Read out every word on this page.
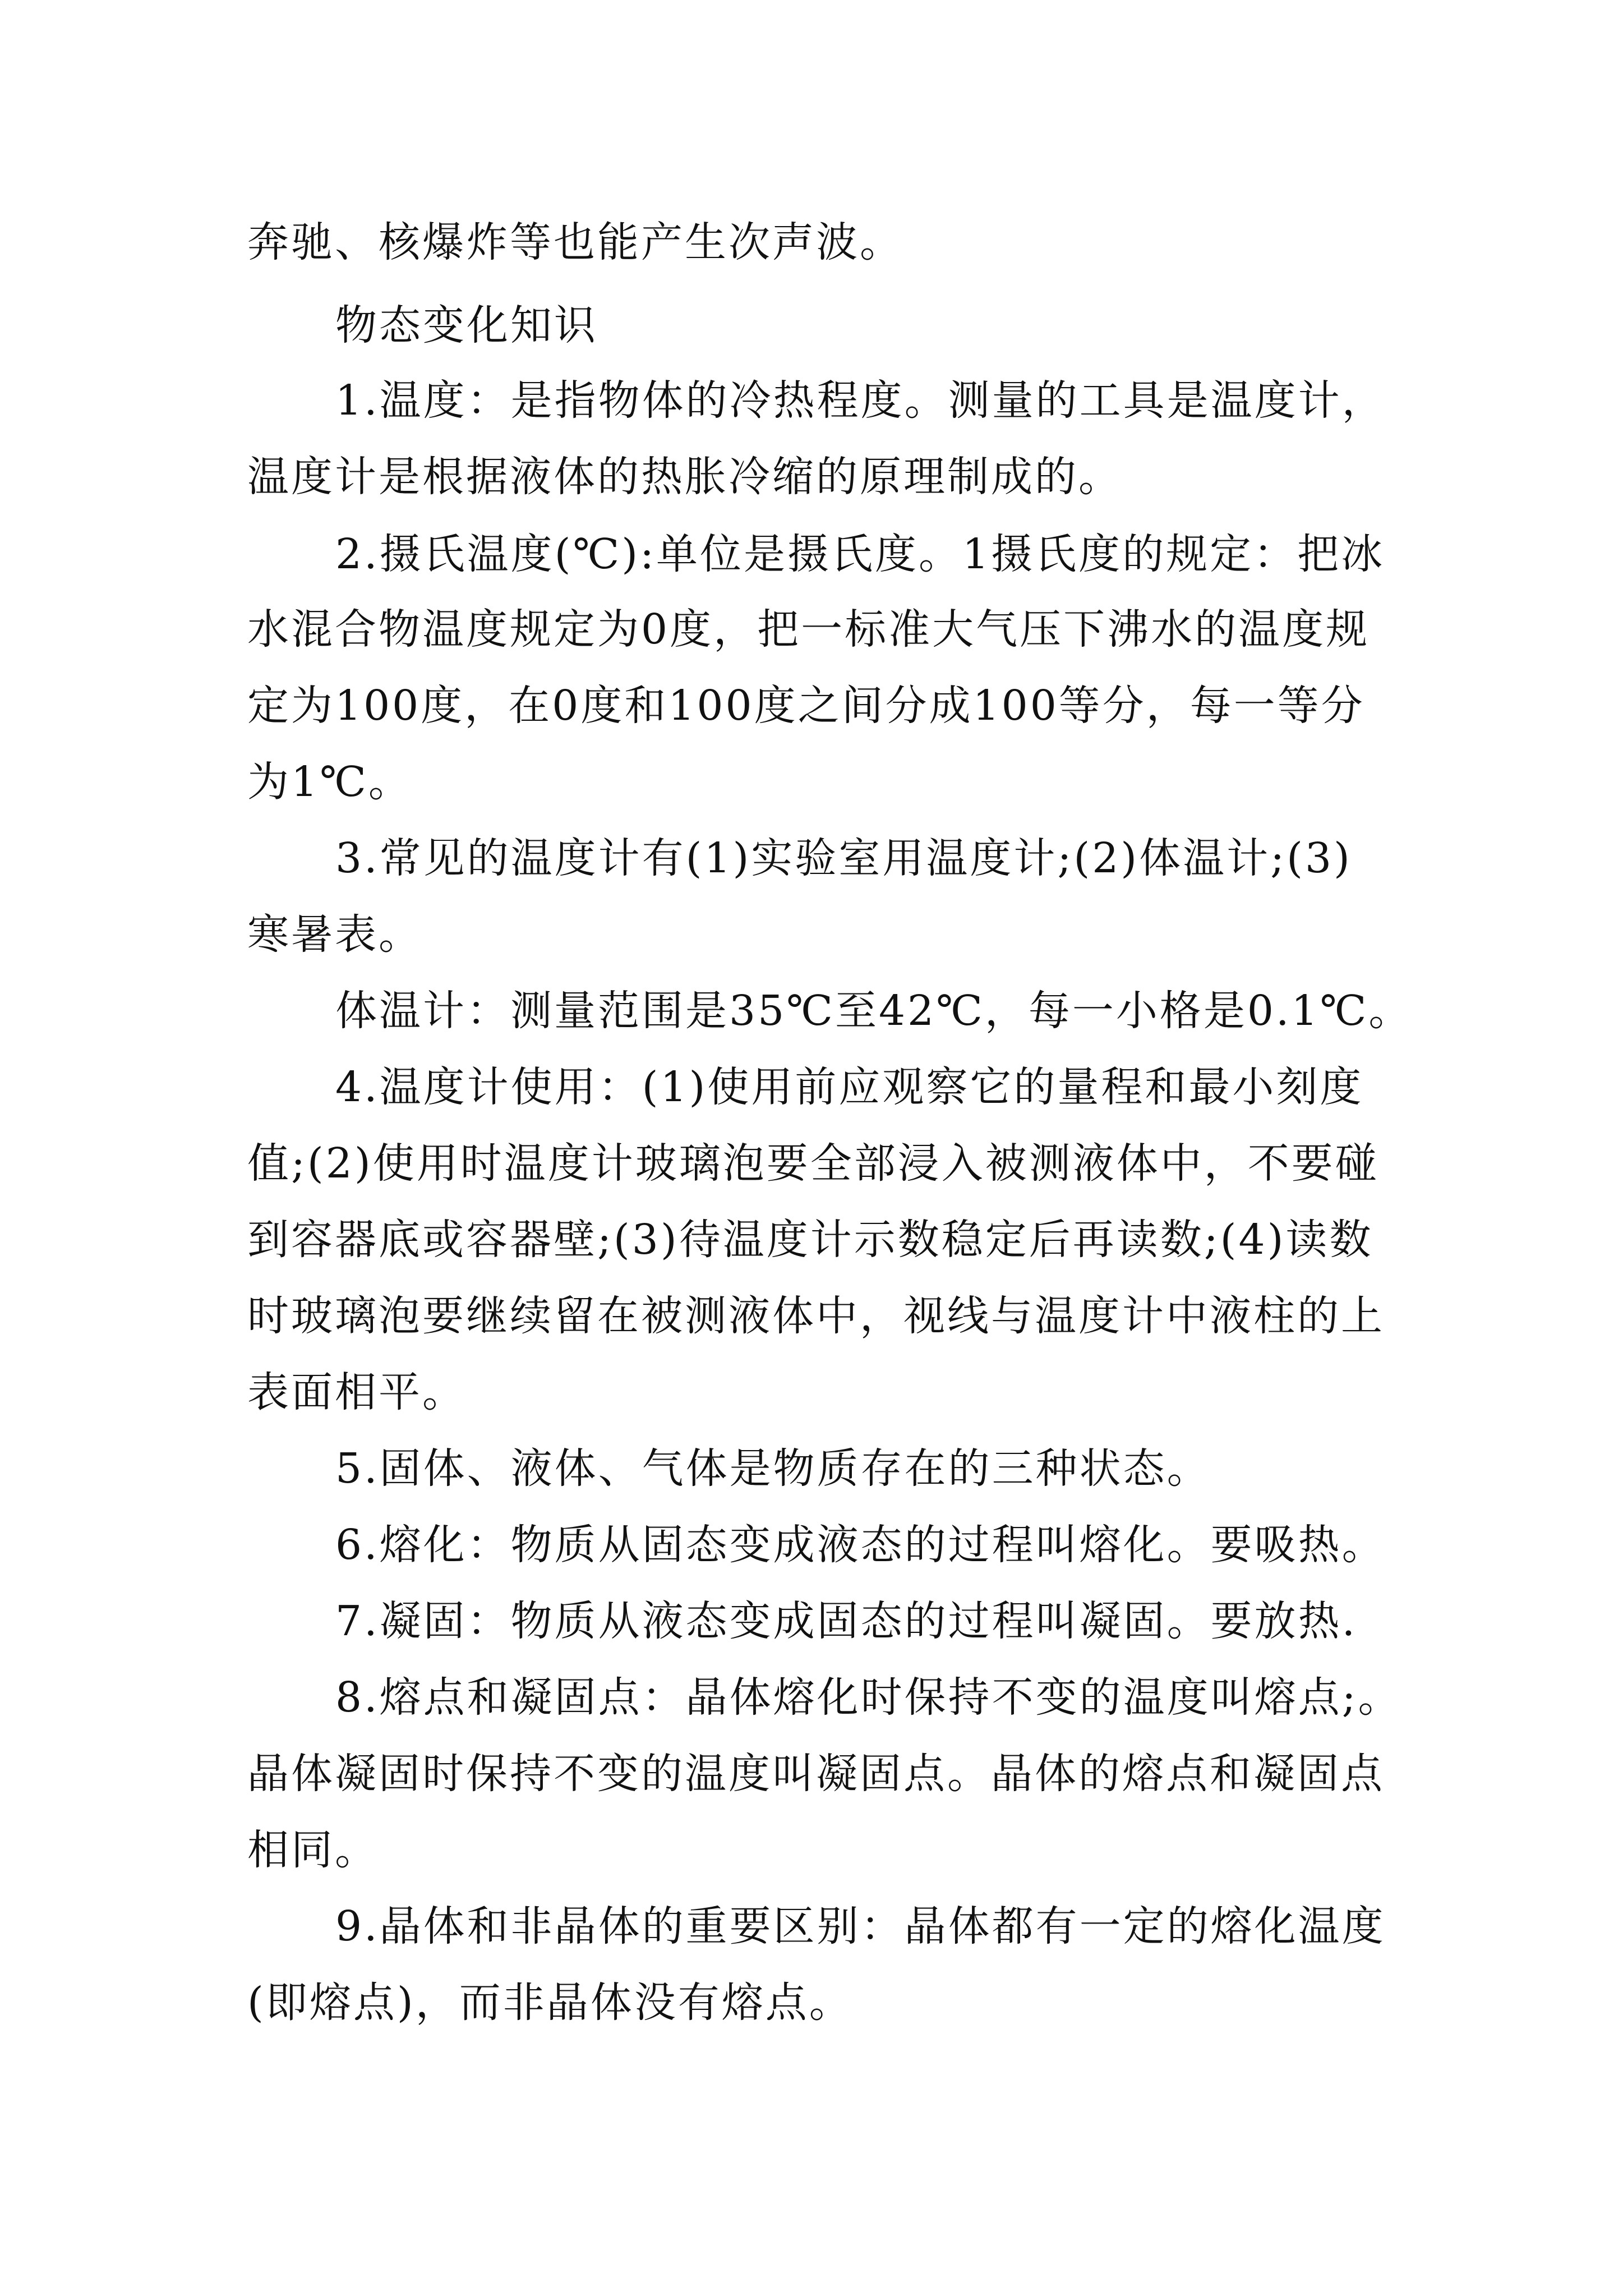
奔驰、核爆炸等也能产生次声波。
物态变化知识
1.温度：是指物体的冷热程度。测量的工具是温度计，
温度计是根据液体的热胀冷缩的原理制成的。
2.摄氏温度(℃):单位是摄氏度。1摄氏度的规定：把冰
水混合物温度规定为0度，把一标准大气压下沸水的温度规
定为100度，在0度和100度之间分成100等分，每一等分
为1℃。
3.常见的温度计有(1)实验室用温度计;(2)体温计;(3)
寒暑表。
体温计：测量范围是35℃至42℃，每一小格是0.1℃。
4.温度计使用：(1)使用前应观察它的量程和最小刻度
值;(2)使用时温度计玻璃泡要全部浸入被测液体中，不要碰
到容器底或容器壁;(3)待温度计示数稳定后再读数;(4)读数
时玻璃泡要继续留在被测液体中，视线与温度计中液柱的上
表面相平。
5.固体、液体、气体是物质存在的三种状态。
6.熔化：物质从固态变成液态的过程叫熔化。要吸热。
7.凝固：物质从液态变成固态的过程叫凝固。要放热.
8.熔点和凝固点：晶体熔化时保持不变的温度叫熔点;。
晶体凝固时保持不变的温度叫凝固点。晶体的熔点和凝固点
相同。
9.晶体和非晶体的重要区别：晶体都有一定的熔化温度
(即熔点)，而非晶体没有熔点。
